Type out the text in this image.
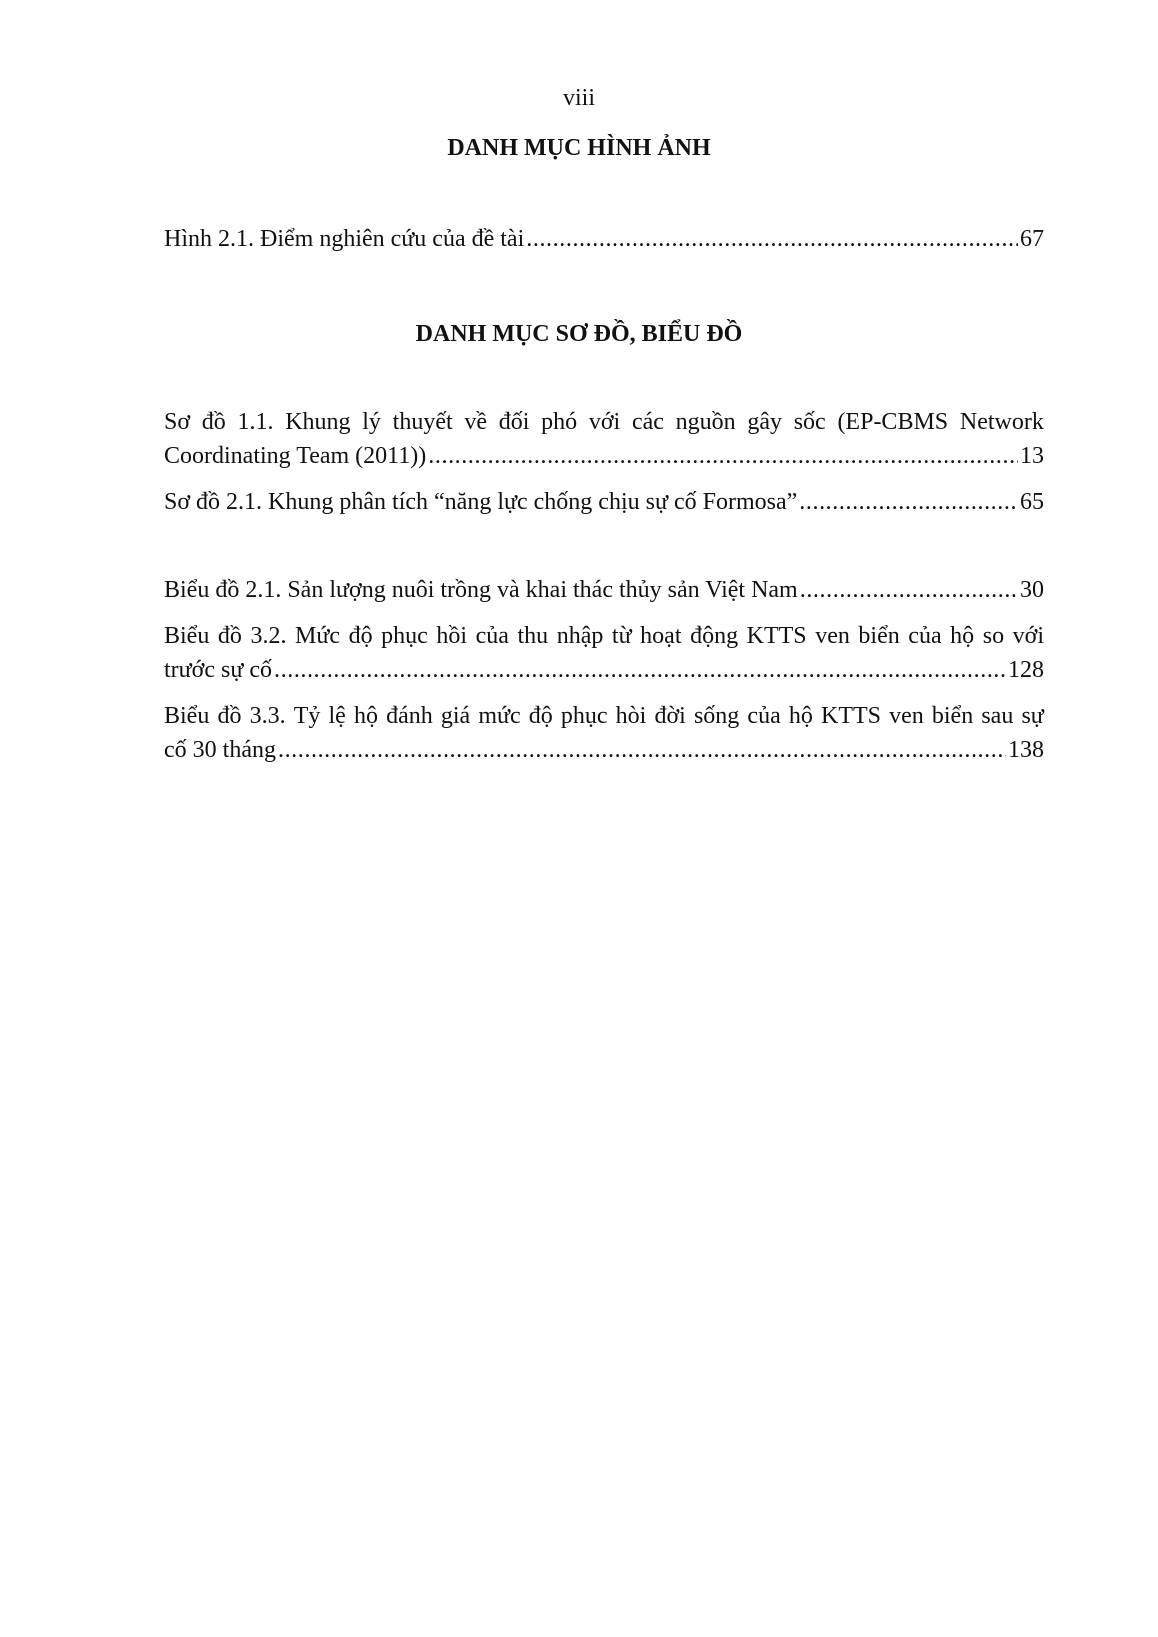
viii
DANH MỤC HÌNH ẢNH
Hình 2.1. Điểm nghiên cứu của đề tài .....	67
DANH MỤC SƠ ĐỒ, BIỂU ĐỒ
Sơ đồ 1.1. Khung lý thuyết về đối phó với các nguồn gây sốc (EP-CBMS Network
Coordinating Team (2011)) .....	13
Sơ đồ 2.1. Khung phân tích “năng lực chống chịu sự cố Formosa” .....	65
Biểu đồ 2.1. Sản lượng nuôi trồng và khai thác thủy sản Việt Nam .....	30
Biểu đồ 3.2. Mức độ phục hồi của thu nhập từ hoạt động KTTS ven biển của hộ so với
trước sự cố .....	128
Biểu đồ 3.3. Tỷ lệ hộ đánh giá mức độ phục hòi đời sống của hộ KTTS ven biển sau sự
cố 30 tháng .....	138
